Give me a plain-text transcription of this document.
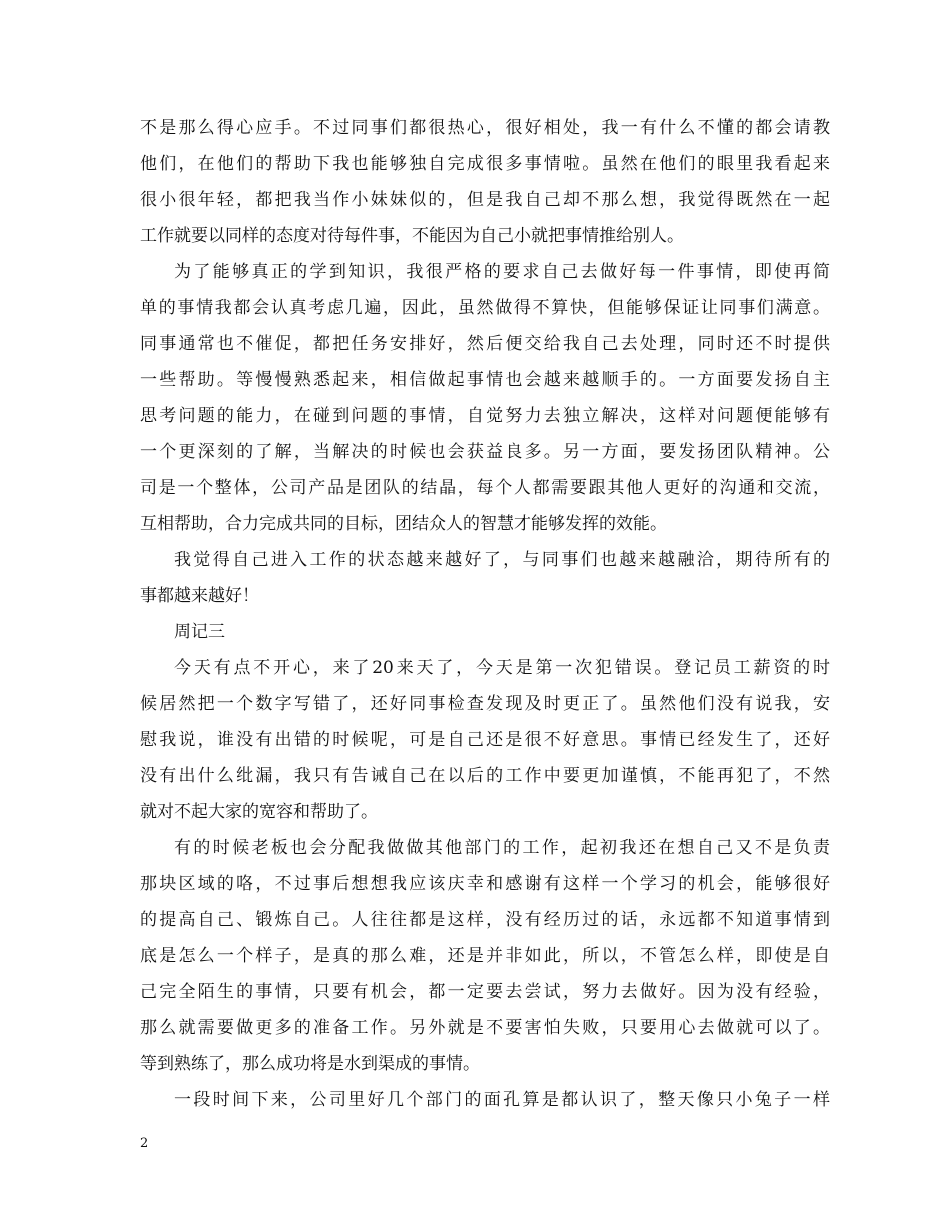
不是那么得心应手。不过同事们都很热心，很好相处，我一有什么不懂的都会请教
他们，在他们的帮助下我也能够独自完成很多事情啦。虽然在他们的眼里我看起来
很小很年轻，都把我当作小妹妹似的，但是我自己却不那么想，我觉得既然在一起
工作就要以同样的态度对待每件事，不能因为自己小就把事情推给别人。
为了能够真正的学到知识，我很严格的要求自己去做好每一件事情，即使再简
单的事情我都会认真考虑几遍，因此，虽然做得不算快，但能够保证让同事们满意。
同事通常也不催促，都把任务安排好，然后便交给我自己去处理，同时还不时提供
一些帮助。等慢慢熟悉起来，相信做起事情也会越来越顺手的。一方面要发扬自主
思考问题的能力，在碰到问题的事情，自觉努力去独立解决，这样对问题便能够有
一个更深刻的了解，当解决的时候也会获益良多。另一方面，要发扬团队精神。公
司是一个整体，公司产品是团队的结晶，每个人都需要跟其他人更好的沟通和交流，
互相帮助，合力完成共同的目标，团结众人的智慧才能够发挥的效能。
我觉得自己进入工作的状态越来越好了，与同事们也越来越融洽，期待所有的
事都越来越好！
周记三
今天有点不开心，来了20来天了，今天是第一次犯错误。登记员工薪资的时
候居然把一个数字写错了，还好同事检查发现及时更正了。虽然他们没有说我，安
慰我说，谁没有出错的时候呢，可是自己还是很不好意思。事情已经发生了，还好
没有出什么纰漏，我只有告诫自己在以后的工作中要更加谨慎，不能再犯了，不然
就对不起大家的宽容和帮助了。
有的时候老板也会分配我做做其他部门的工作，起初我还在想自己又不是负责
那块区域的咯，不过事后想想我应该庆幸和感谢有这样一个学习的机会，能够很好
的提高自己、锻炼自己。人往往都是这样，没有经历过的话，永远都不知道事情到
底是怎么一个样子，是真的那么难，还是并非如此，所以，不管怎么样，即使是自
己完全陌生的事情，只要有机会，都一定要去尝试，努力去做好。因为没有经验，
那么就需要做更多的准备工作。另外就是不要害怕失败，只要用心去做就可以了。
等到熟练了，那么成功将是水到渠成的事情。
一段时间下来，公司里好几个部门的面孔算是都认识了，整天像只小兔子一样
2
